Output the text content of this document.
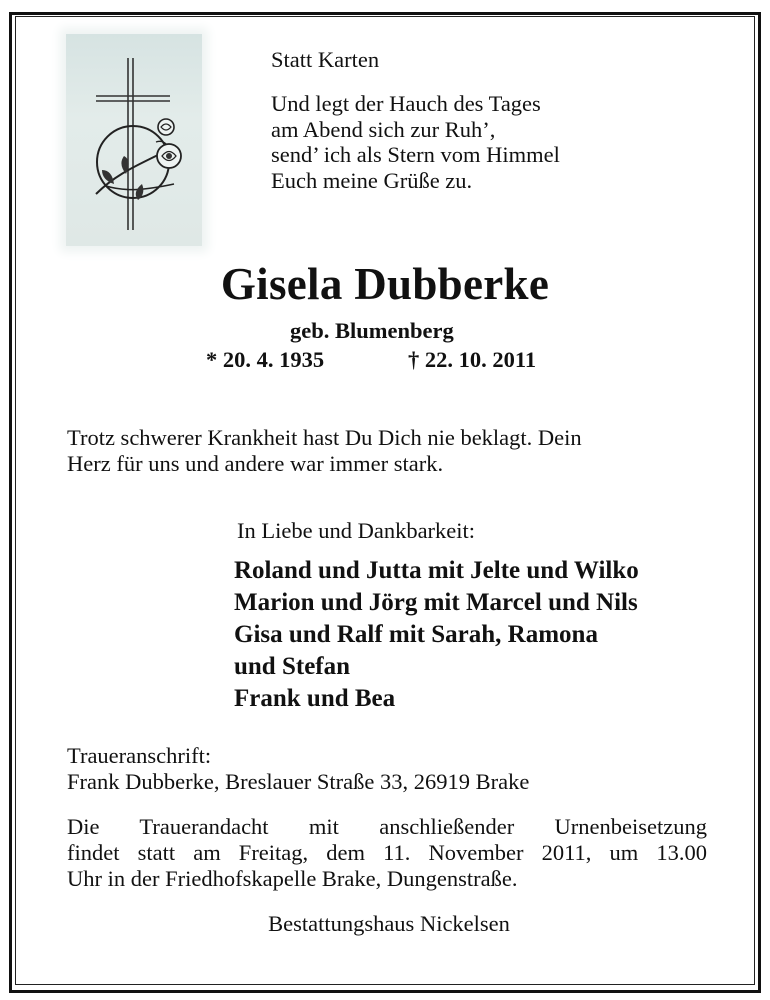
Statt Karten
Und legt der Hauch des Tages
am Abend sich zur Ruh’,
send’ ich als Stern vom Himmel
Euch meine Grüße zu.
Gisela Dubberke
geb. Blumenberg
* 20. 4. 1935	† 22. 10. 2011
Trotz schwerer Krankheit hast Du Dich nie beklagt. Dein
Herz für uns und andere war immer stark.
In Liebe und Dankbarkeit:
Roland und Jutta mit Jelte und Wilko
Marion und Jörg mit Marcel und Nils
Gisa und Ralf mit Sarah, Ramona
und Stefan
Frank und Bea
Traueranschrift:
Frank Dubberke, Breslauer Straße 33, 26919 Brake
Die Trauerandacht mit anschließender Urnenbeisetzung
findet statt am Freitag, dem 11. November 2011, um 13.00
Uhr in der Friedhofskapelle Brake, Dungenstraße.
Bestattungshaus Nickelsen
